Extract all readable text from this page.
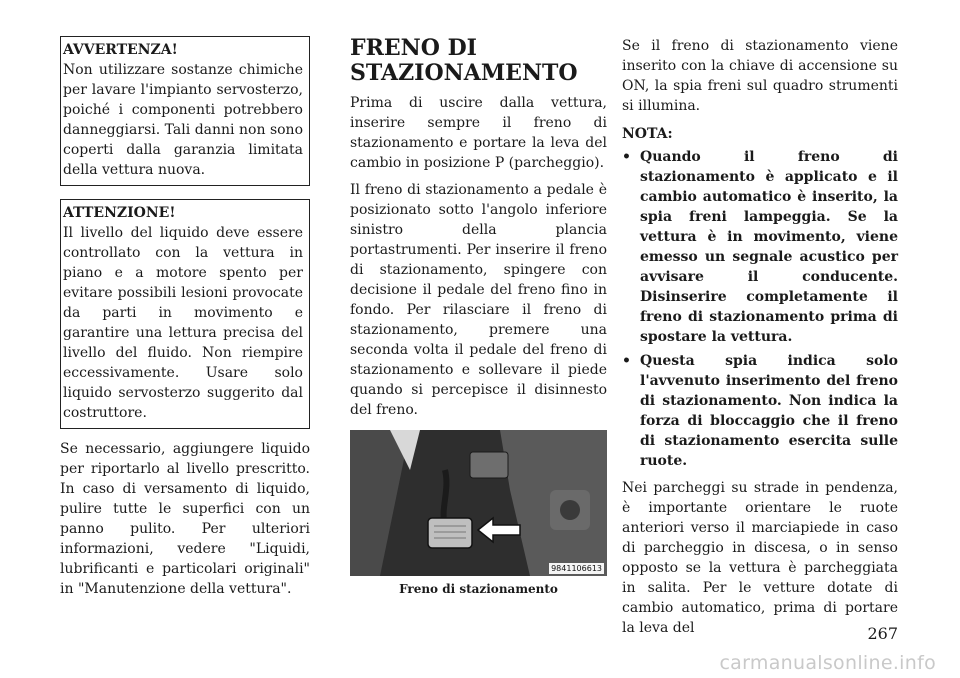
AVVERTENZA!
Non utilizzare sostanze chimiche per lavare l'impianto servosterzo, poiché i componenti potrebbero danneggiarsi. Tali danni non sono coperti dalla garanzia limitata della vettura nuova.
ATTENZIONE!
Il livello del liquido deve essere controllato con la vettura in piano e a motore spento per evitare possibili lesioni provocate da parti in movimento e garantire una lettura precisa del livello del fluido. Non riempire eccessivamente. Usare solo liquido servosterzo suggerito dal costruttore.
Se necessario, aggiungere liquido per riportarlo al livello prescritto. In caso di versamento di liquido, pulire tutte le superfici con un panno pulito. Per ulteriori informazioni, vedere "Liquidi, lubrificanti e particolari originali" in "Manutenzione della vettura".
FRENO DI STAZIONAMENTO
Prima di uscire dalla vettura, inserire sempre il freno di stazionamento e portare la leva del cambio in posizione P (parcheggio).
Il freno di stazionamento a pedale è posizionato sotto l'angolo inferiore sinistro della plancia portastrumenti. Per inserire il freno di stazionamento, spingere con decisione il pedale del freno fino in fondo. Per rilasciare il freno di stazionamento, premere una seconda volta il pedale del freno di stazionamento e sollevare il piede quando si percepisce il disinnesto del freno.
9841106613
Freno di stazionamento
Se il freno di stazionamento viene inserito con la chiave di accensione su ON, la spia freni sul quadro strumenti si illumina.
NOTA:
• Quando il freno di stazionamento è applicato e il cambio automatico è inserito, la spia freni lampeggia. Se la vettura è in movimento, viene emesso un segnale acustico per avvisare il conducente. Disinserire completamente il freno di stazionamento prima di spostare la vettura.
• Questa spia indica solo l'avvenuto inserimento del freno di stazionamento. Non indica la forza di bloccaggio che il freno di stazionamento esercita sulle ruote.
Nei parcheggi su strade in pendenza, è importante orientare le ruote anteriori verso il marciapiede in caso di parcheggio in discesa, o in senso opposto se la vettura è parcheggiata in salita. Per le vetture dotate di cambio automatico, prima di portare la leva del	267
carmanualsonline.info
